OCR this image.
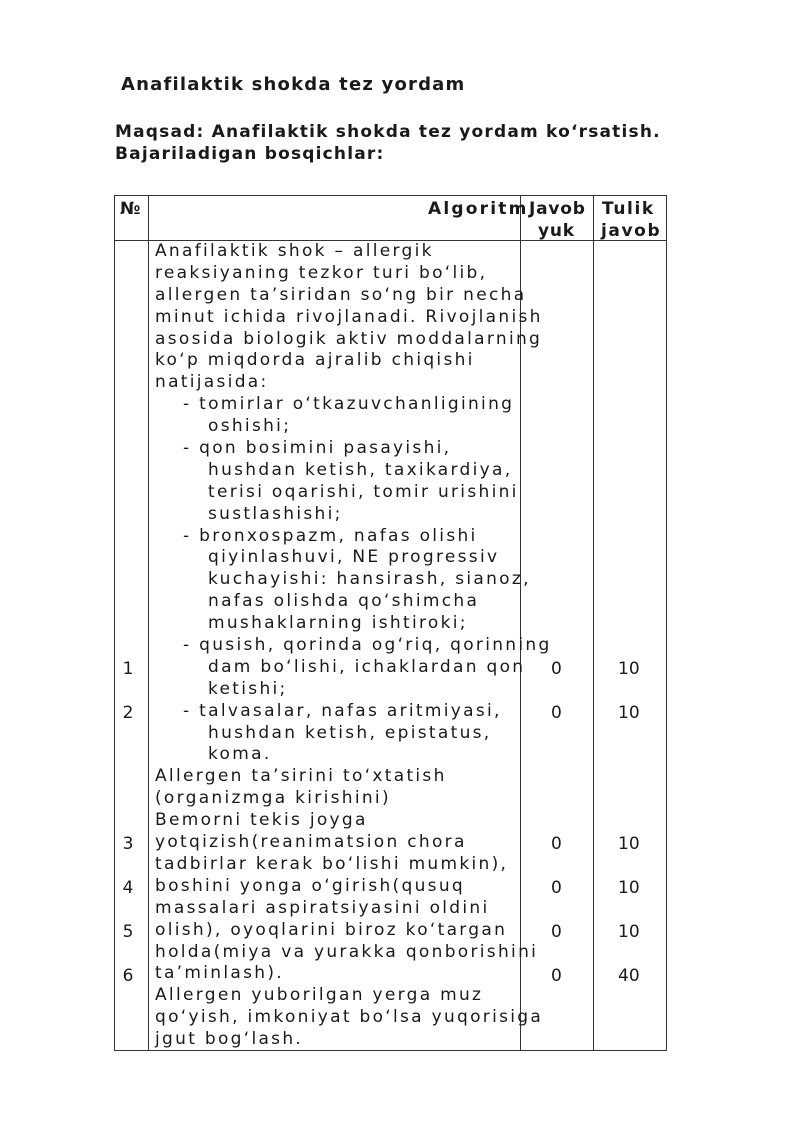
Anafilaktik shokda tez yordam
Maqsad: Anafilaktik shokda tez yordam ko‘rsatish.
Bajariladigan bosqichlar:
№	Algoritm Javob
yuk
Tulik
javob
Anafilaktik shok – allergik
reaksiyaning tezkor turi bo‘lib,
allergen ta’siridan so‘ng bir necha
minut ichida rivojlanadi. Rivojlanish
asosida biologik aktiv moddalarning
ko‘p miqdorda ajralib chiqishi
natijasida:
- tomirlar o‘tkazuvchanligining
oshishi;
- qon bosimini pasayishi,
hushdan ketish, taxikardiya,
terisi oqarishi, tomir urishini
sustlashishi;
- bronxospazm, nafas olishi
qiyinlashuvi, NE progressiv
kuchayishi: hansirash, sianoz,
nafas olishda qo‘shimcha
mushaklarning ishtiroki;
- qusish, qorinda og‘riq, qorinning
dam bo‘lishi, ichaklardan qon
ketishi;
- talvasalar, nafas aritmiyasi,
hushdan ketish, epistatus,
koma.
Allergen ta’sirini to‘xtatish
(organizmga kirishini)
Bemorni tekis joyga
yotqizish(reanimatsion chora
tadbirlar kerak bo‘lishi mumkin),
boshini yonga o‘girish(qusuq
massalari aspiratsiyasini oldini
olish), oyoqlarini biroz ko‘targan
holda(miya va yurakka qonborishini
ta’minlash).
Allergen yuborilgan yerga muz
qo‘yish, imkoniyat bo‘lsa yuqorisiga
jgut bog‘lash.
1
2
3
4
5
6
0
0
0
0
0
0
10
10
10
10
10
40
